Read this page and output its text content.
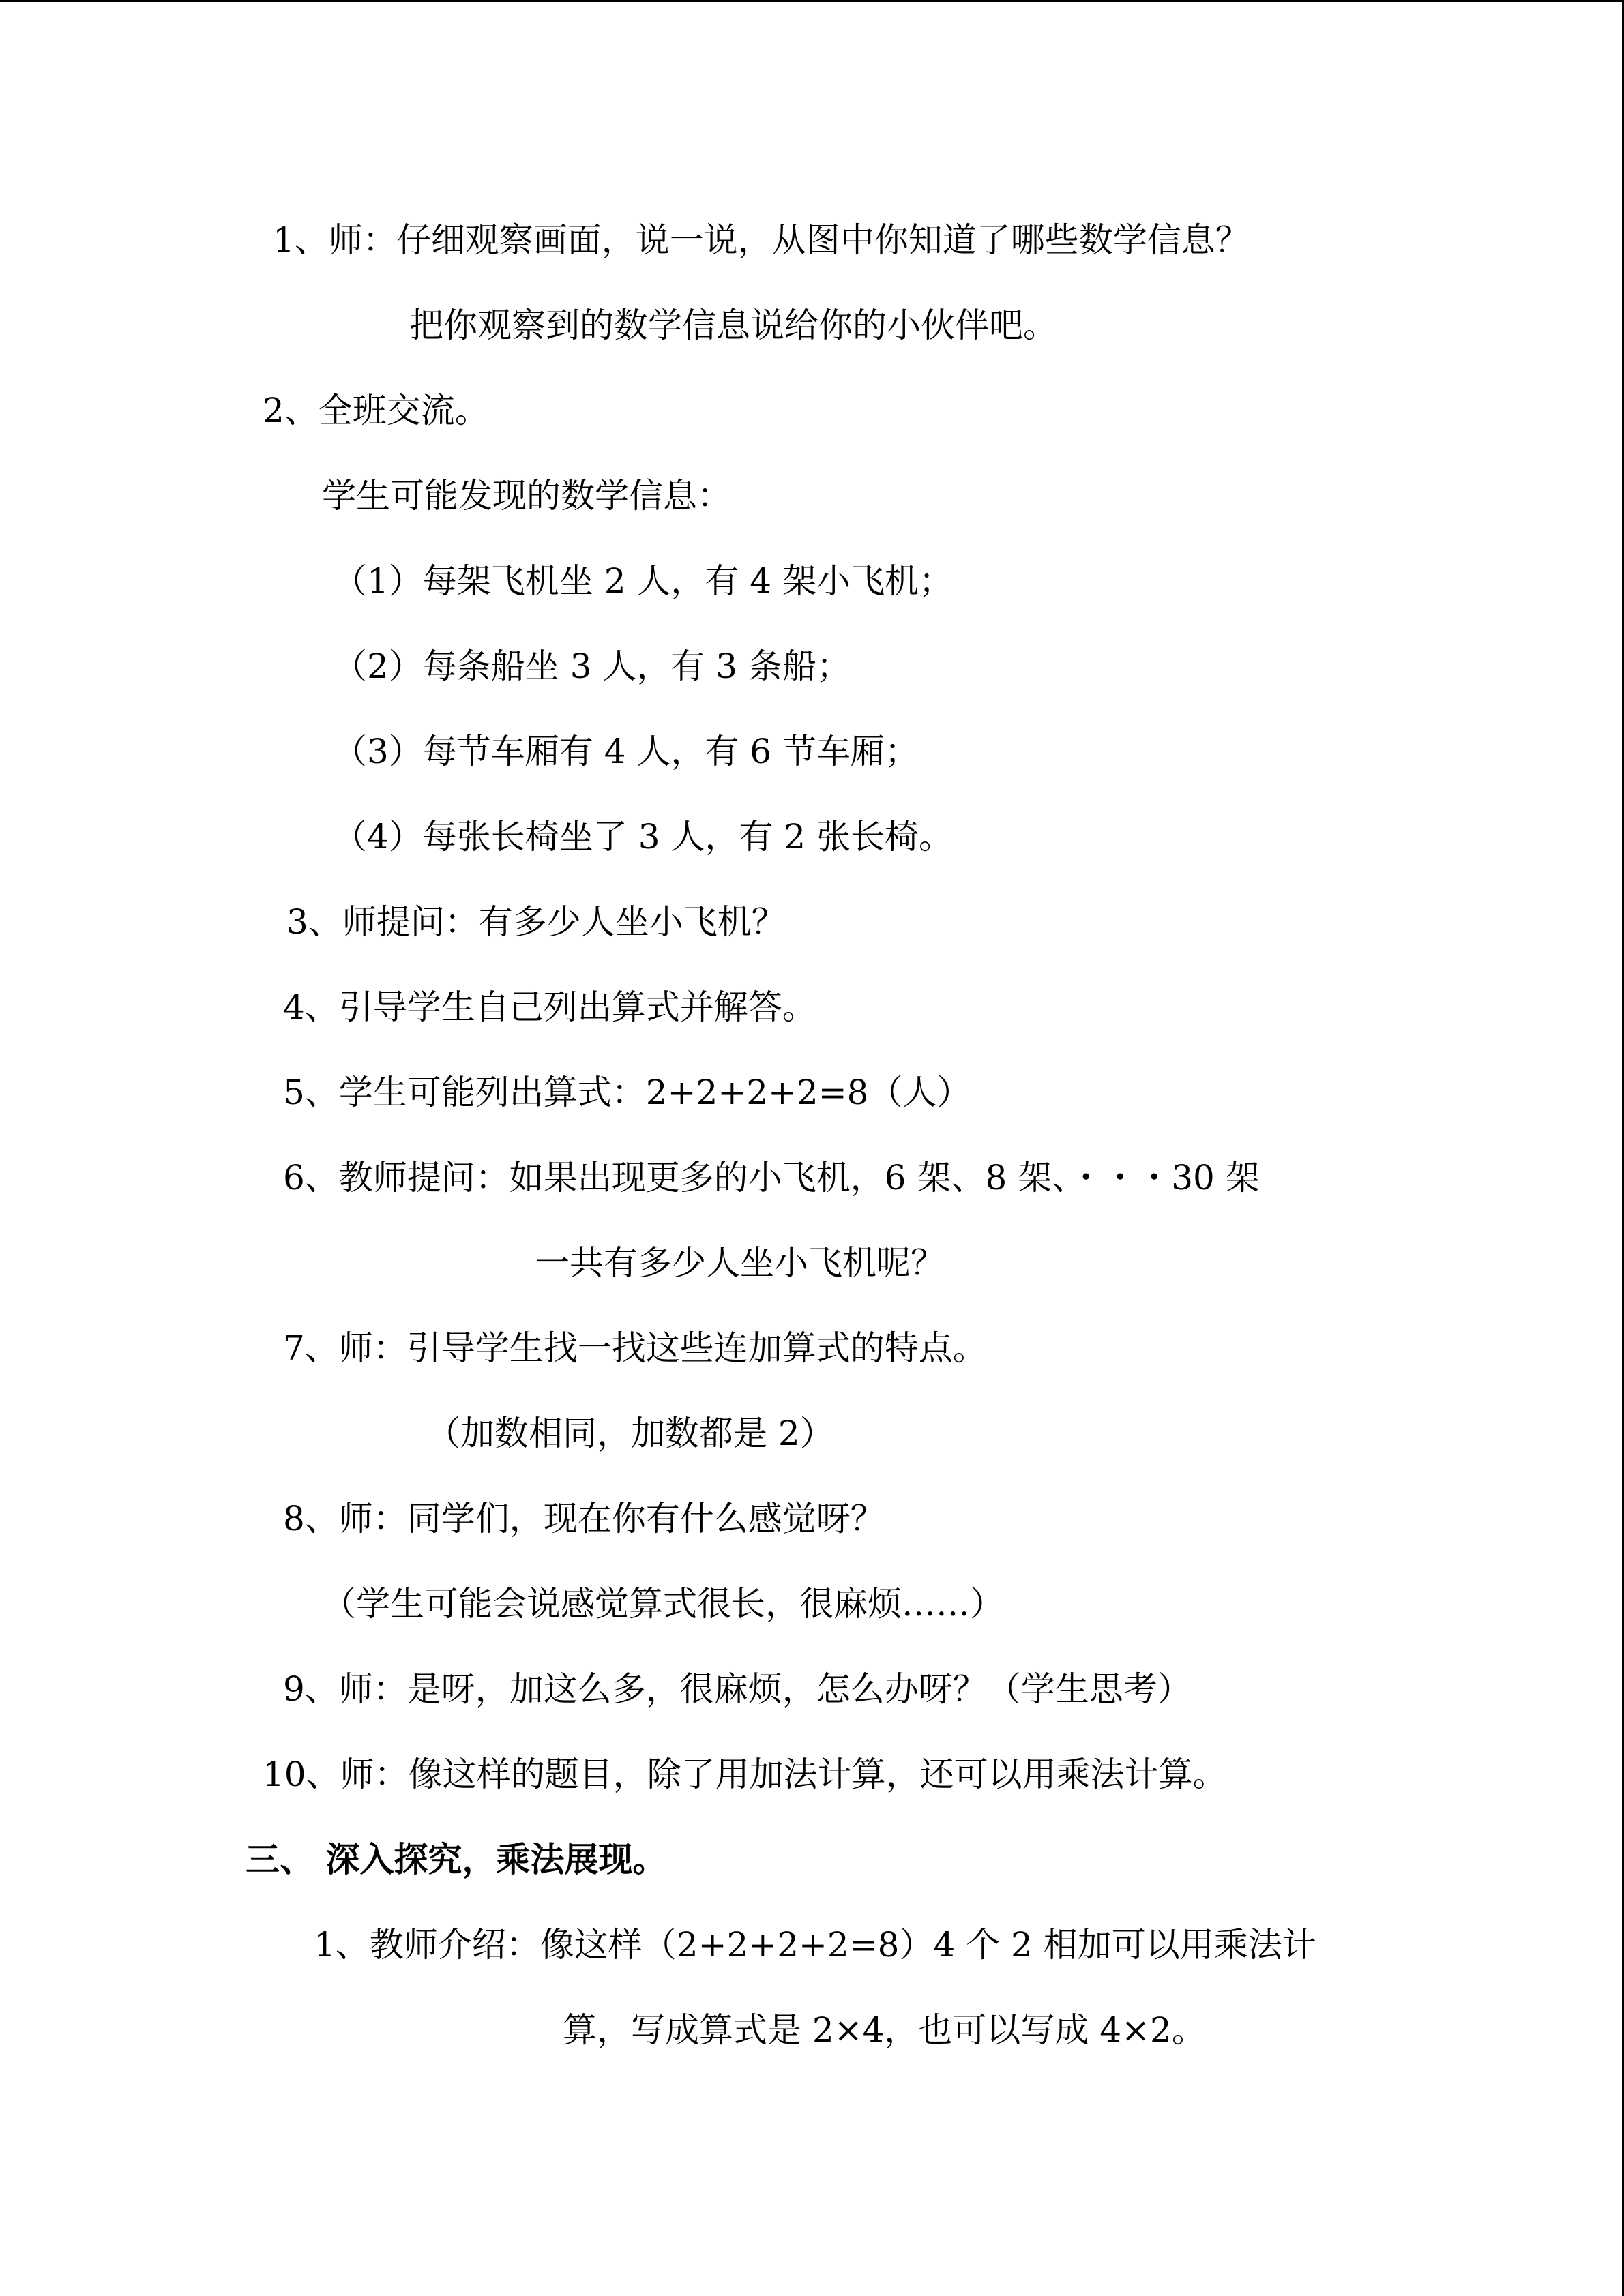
1、师：仔细观察画面，说一说，从图中你知道了哪些数学信息？

把你观察到的数学信息说给你的小伙伴吧。

2、全班交流。

学生可能发现的数学信息：

（1）每架飞机坐 2 人，有 4 架小飞机；

（2）每条船坐 3 人，有 3 条船；

（3）每节车厢有 4 人，有 6 节车厢；

（4）每张长椅坐了 3 人，有 2 张长椅。

3、师提问：有多少人坐小飞机？

4、引导学生自己列出算式并解答。

5、学生可能列出算式：2+2+2+2=8（人）

6、教师提问：如果出现更多的小飞机，6 架、8 架、・・・30 架

一共有多少人坐小飞机呢？

7、师：引导学生找一找这些连加算式的特点。

（加数相同，加数都是 2）

8、师：同学们，现在你有什么感觉呀？

（学生可能会说感觉算式很长，很麻烦……）

9、师：是呀，加这么多，很麻烦，怎么办呀？（学生思考）

10、师：像这样的题目，除了用加法计算，还可以用乘法计算。

三、 深入探究，乘法展现。

1、教师介绍：像这样（2+2+2+2=8）4 个 2 相加可以用乘法计

算，写成算式是 2×4，也可以写成 4×2。
